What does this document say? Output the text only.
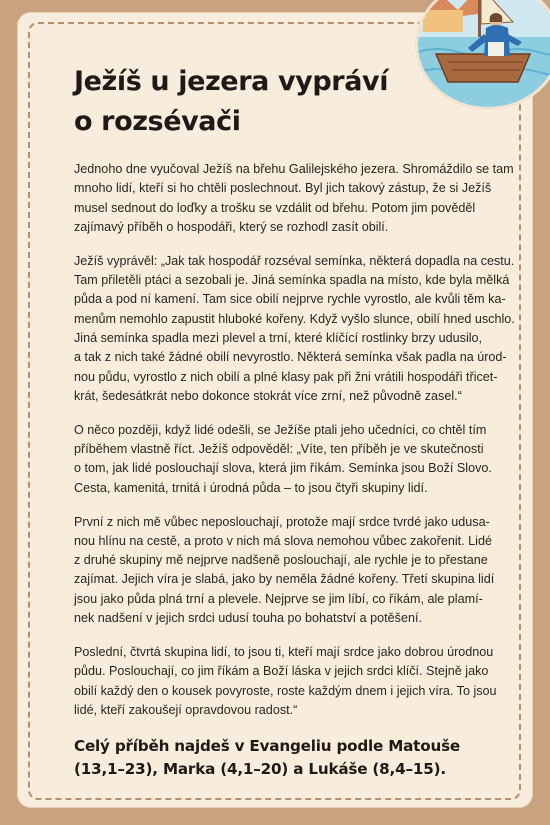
Ježíš u jezera vypráví
o rozsévači

Jednoho dne vyučoval Ježíš na břehu Galilejského jezera. Shromáždilo se tam
mnoho lidí, kteří si ho chtěli poslechnout. Byl jich takový zástup, že si Ježíš
musel sednout do loďky a trošku se vzdálit od břehu. Potom jim pověděl
zajímavý příběh o hospodáři, který se rozhodl zasít obilí.

Ježíš vyprávěl: „Jak tak hospodář rozséval semínka, některá dopadla na cestu.
Tam přiletěli ptáci a sezobali je. Jiná semínka spadla na místo, kde byla mělká
půda a pod ní kamení. Tam sice obilí nejprve rychle vyrostlo, ale kvůli těm ka-
menům nemohlo zapustit hluboké kořeny. Když vyšlo slunce, obilí hned uschlo.
Jiná semínka spadla mezi plevel a trní, které klíčící rostlinky brzy udusilo,
a tak z nich také žádné obilí nevyrostlo. Některá semínka však padla na úrod-
nou půdu, vyrostlo z nich obilí a plné klasy pak při žni vrátili hospodáři třicet-
krát, šedesátkrát nebo dokonce stokrát více zrní, než původně zasel.“

O něco později, když lidé odešli, se Ježíše ptali jeho učedníci, co chtěl tím
příběhem vlastně říct. Ježíš odpověděl: „Víte, ten příběh je ve skutečnosti
o tom, jak lidé poslouchají slova, která jim říkám. Semínka jsou Boží Slovo.
Cesta, kamenitá, trnitá i úrodná půda – to jsou čtyři skupiny lidí.

První z nich mě vůbec neposlouchají, protože mají srdce tvrdé jako udusa-
nou hlínu na cestě, a proto v nich má slova nemohou vůbec zakořenit. Lidé
z druhé skupiny mě nejprve nadšeně poslouchají, ale rychle je to přestane
zajímat. Jejich víra je slabá, jako by neměla žádné kořeny. Třetí skupina lidí
jsou jako půda plná trní a plevele. Nejprve se jim líbí, co říkám, ale plamí-
nek nadšení v jejich srdci udusí touha po bohatství a potěšení.

Poslední, čtvrtá skupina lidí, to jsou ti, kteří mají srdce jako dobrou úrodnou
půdu. Poslouchají, co jim říkám a Boží láska v jejich srdci klíčí. Stejně jako
obilí každý den o kousek povyroste, roste každým dnem i jejich víra. To jsou
lidé, kteří zakoušejí opravdovou radost.“

Celý příběh najdeš v Evangeliu podle Matouše
(13,1–23), Marka (4,1–20) a Lukáše (8,4–15).
